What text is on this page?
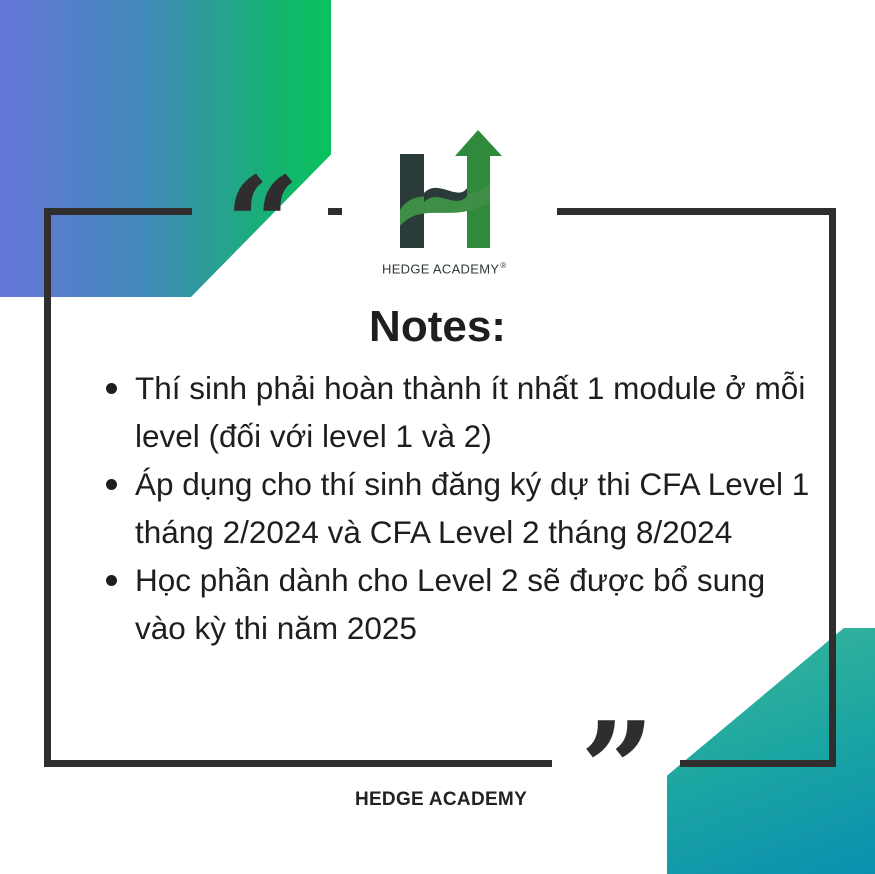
“
”
HEDGE ACADEMY®
Notes:
Thí sinh phải hoàn thành ít nhất 1 module ở mỗi level (đối với level 1 và 2)
Áp dụng cho thí sinh đăng ký dự thi CFA Level 1 tháng 2/2024 và CFA Level 2 tháng 8/2024
Học phần dành cho Level 2 sẽ được bổ sung vào kỳ thi năm 2025
HEDGE ACADEMY
